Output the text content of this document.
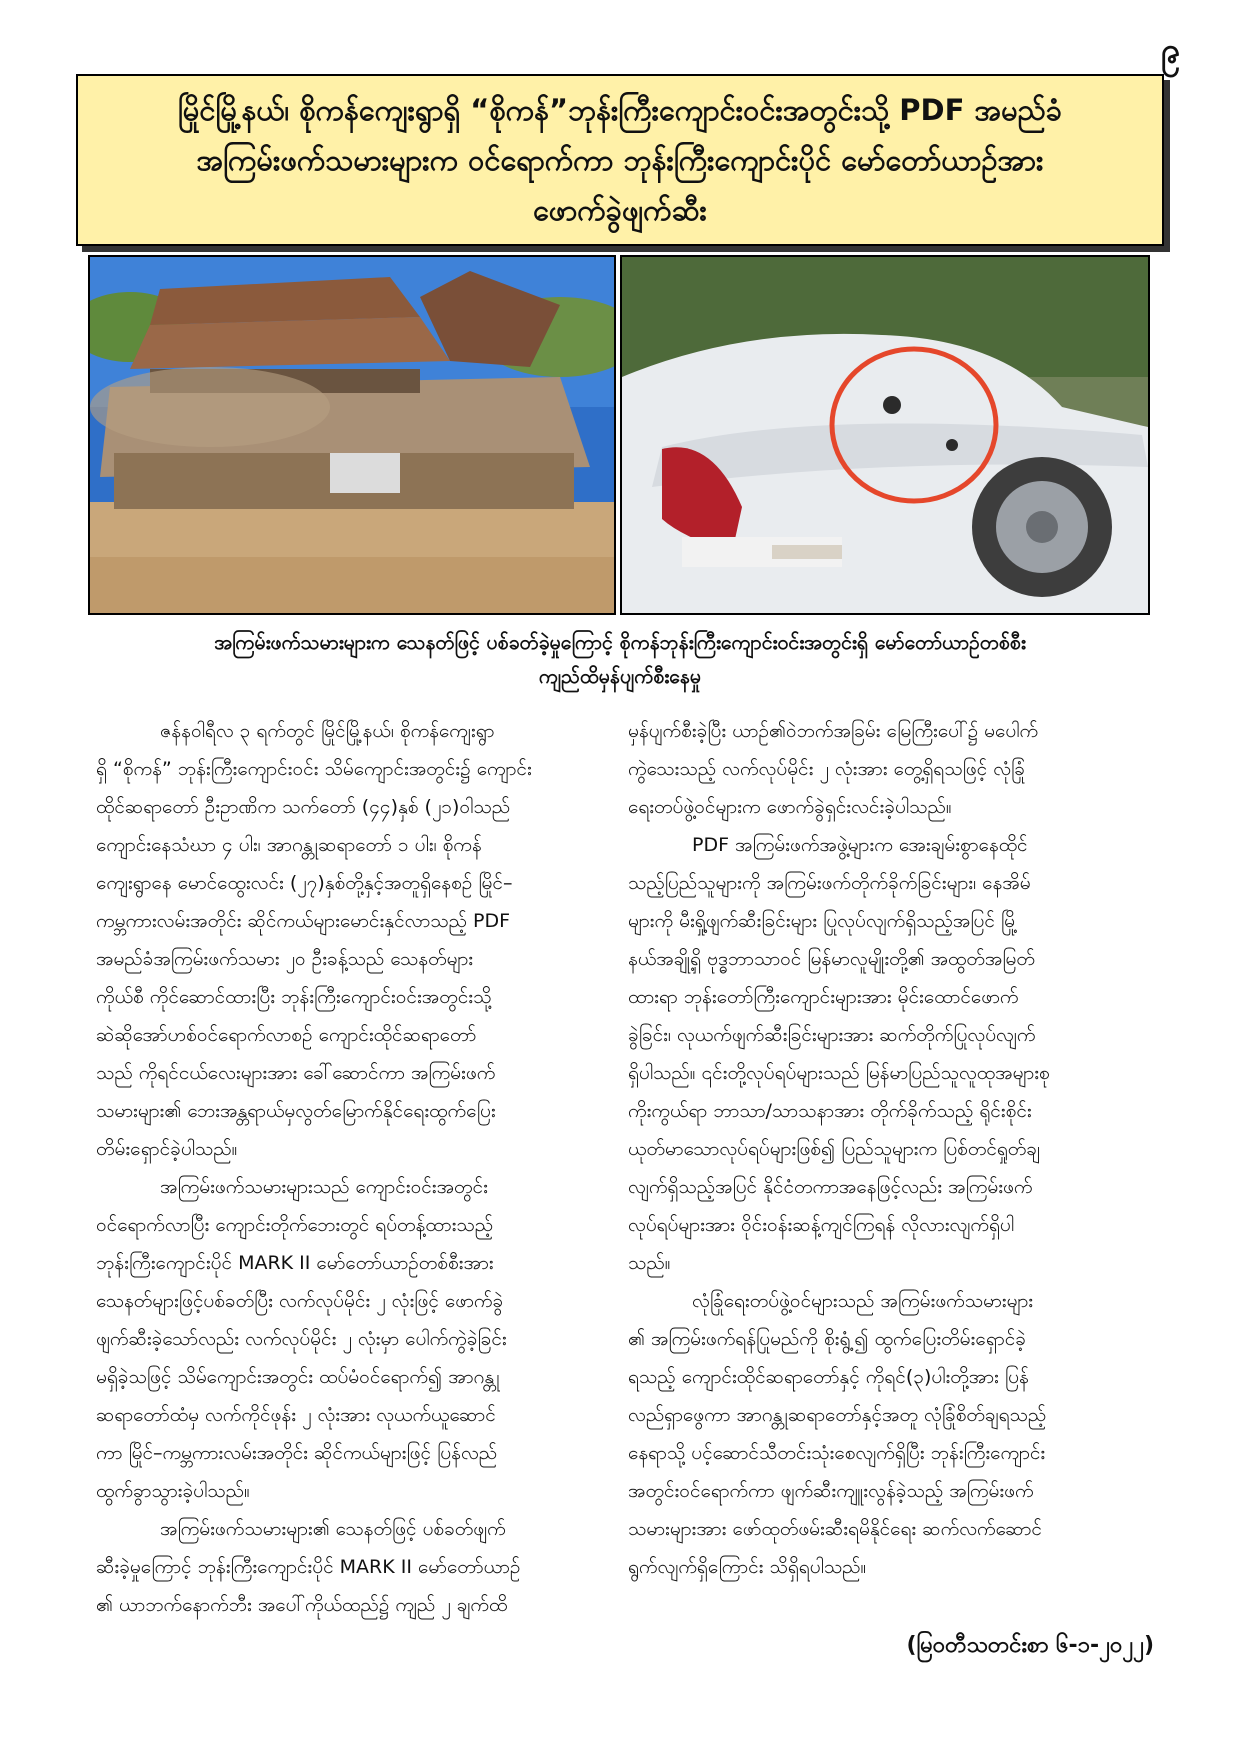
၉
မြိုင်မြို့နယ်၊ စိုကန်ကျေးရွာရှိ “စိုကန်”ဘုန်းကြီးကျောင်းဝင်းအတွင်းသို့ PDF အမည်ခံ
အကြမ်းဖက်သမားများက ဝင်ရောက်ကာ ဘုန်းကြီးကျောင်းပိုင် မော်တော်ယာဉ်အား
ဖောက်ခွဲဖျက်ဆီး
အကြမ်းဖက်သမားများက သေနတ်ဖြင့် ပစ်ခတ်ခဲ့မှုကြောင့် စိုကန်ဘုန်းကြီးကျောင်းဝင်းအတွင်းရှိ မော်တော်ယာဉ်တစ်စီး
ကျည်ထိမှန်ပျက်စီးနေမှု
ဇန်နဝါရီလ ၃ ရက်တွင် မြိုင်မြို့နယ်၊ စိုကန်ကျေးရွာ
ရှိ “စိုကန်” ဘုန်းကြီးကျောင်းဝင်း သိမ်ကျောင်းအတွင်း၌ ကျောင်း
ထိုင်ဆရာတော် ဦးဥာဏိက သက်တော် (၄၄)နှစ် (၂၁)ဝါသည်
ကျောင်းနေသံဃာ ၄ ပါး၊ အာဂန္တုဆရာတော် ၁ ပါး၊ စိုကန်
ကျေးရွာနေ မောင်ထွေးလင်း (၂၇)နှစ်တို့နှင့်အတူရှိနေစဉ် မြိုင်–
ကမ္ဘကားလမ်းအတိုင်း ဆိုင်ကယ်များမောင်းနှင်လာသည့် PDF
အမည်ခံအကြမ်းဖက်သမား ၂၀ ဦးခန့်သည် သေနတ်များ
ကိုယ်စီ ကိုင်ဆောင်ထားပြီး ဘုန်းကြီးကျောင်းဝင်းအတွင်းသို့
ဆဲဆိုအော်ဟစ်ဝင်ရောက်လာစဉ် ကျောင်းထိုင်ဆရာတော်
သည် ကိုရင်ငယ်လေးများအား ခေါ်ဆောင်ကာ အကြမ်းဖက်
သမားများ၏ ဘေးအန္တရာယ်မှလွတ်မြောက်နိုင်ရေးထွက်ပြေး
တိမ်းရှောင်ခဲ့ပါသည်။
အကြမ်းဖက်သမားများသည် ကျောင်းဝင်းအတွင်း
ဝင်ရောက်လာပြီး ကျောင်းတိုက်ဘေးတွင် ရပ်တန့်ထားသည့်
ဘုန်းကြီးကျောင်းပိုင် MARK II မော်တော်ယာဉ်တစ်စီးအား
သေနတ်များဖြင့်ပစ်ခတ်ပြီး လက်လုပ်မိုင်း ၂ လုံးဖြင့် ဖောက်ခွဲ
ဖျက်ဆီးခဲ့သော်လည်း လက်လုပ်မိုင်း ၂ လုံးမှာ ပေါက်ကွဲခဲ့ခြင်း
မရှိခဲ့သဖြင့် သိမ်ကျောင်းအတွင်း ထပ်မံဝင်ရောက်၍ အာဂန္တု
ဆရာတော်ထံမှ လက်ကိုင်ဖုန်း ၂ လုံးအား လုယက်ယူဆောင်
ကာ မြိုင်–ကမ္ဘကားလမ်းအတိုင်း ဆိုင်ကယ်များဖြင့် ပြန်လည်
ထွက်ခွာသွားခဲ့ပါသည်။
အကြမ်းဖက်သမားများ၏ သေနတ်ဖြင့် ပစ်ခတ်ဖျက်
ဆီးခဲ့မှုကြောင့် ဘုန်းကြီးကျောင်းပိုင် MARK II မော်တော်ယာဉ်
၏ ယာဘက်နောက်ဘီး အပေါ်ကိုယ်ထည်၌ ကျည် ၂ ချက်ထိ
မှန်ပျက်စီးခဲ့ပြီး ယာဉ်၏ဝဲဘက်အခြမ်း မြေကြီးပေါ်၌ မပေါက်
ကွဲသေးသည့် လက်လုပ်မိုင်း ၂ လုံးအား တွေ့ရှိရသဖြင့် လုံခြုံ
ရေးတပ်ဖွဲ့ဝင်များက ဖောက်ခွဲရှင်းလင်းခဲ့ပါသည်။
PDF အကြမ်းဖက်အဖွဲ့များက အေးချမ်းစွာနေထိုင်
သည့်ပြည်သူများကို အကြမ်းဖက်တိုက်ခိုက်ခြင်းများ၊ နေအိမ်
များကို မီးရှို့ဖျက်ဆီးခြင်းများ ပြုလုပ်လျက်ရှိသည့်အပြင် မြို့
နယ်အချို့ရှိ ဗုဒ္ဓဘာသာဝင် မြန်မာလူမျိုးတို့၏ အထွတ်အမြတ်
ထားရာ ဘုန်းတော်ကြီးကျောင်းများအား မိုင်းထောင်ဖောက်
ခွဲခြင်း၊ လုယက်ဖျက်ဆီးခြင်းများအား ဆက်တိုက်ပြုလုပ်လျက်
ရှိပါသည်။ ၎င်းတို့လုပ်ရပ်များသည် မြန်မာပြည်သူလူထုအများစု
ကိုးကွယ်ရာ ဘာသာ/သာသနာအား တိုက်ခိုက်သည့် ရိုင်းစိုင်း
ယုတ်မာသောလုပ်ရပ်များဖြစ်၍ ပြည်သူများက ပြစ်တင်ရှုတ်ချ
လျက်ရှိသည့်အပြင် နိုင်ငံတကာအနေဖြင့်လည်း အကြမ်းဖက်
လုပ်ရပ်များအား ဝိုင်းဝန်းဆန့်ကျင်ကြရန် လိုလားလျက်ရှိပါ
သည်။
လုံခြုံရေးတပ်ဖွဲ့ဝင်များသည် အကြမ်းဖက်သမားများ
၏ အကြမ်းဖက်ရန်ပြုမည်ကို စိုးရွံ့၍ ထွက်ပြေးတိမ်းရှောင်ခဲ့
ရသည့် ကျောင်းထိုင်ဆရာတော်နှင့် ကိုရင်(၃)ပါးတို့အား ပြန်
လည်ရှာဖွေကာ အာဂန္တုဆရာတော်နှင့်အတူ လုံခြုံစိတ်ချရသည့်
နေရာသို့ ပင့်ဆောင်သီတင်းသုံးစေလျက်ရှိပြီး ဘုန်းကြီးကျောင်း
အတွင်းဝင်ရောက်ကာ ဖျက်ဆီးကျူးလွန်ခဲ့သည့် အကြမ်းဖက်
သမားများအား ဖော်ထုတ်ဖမ်းဆီးရမိနိုင်ရေး ဆက်လက်ဆောင်
ရွက်လျက်ရှိကြောင်း သိရှိရပါသည်။
(မြဝတီသတင်းစာ ၆-၁-၂၀၂၂)
